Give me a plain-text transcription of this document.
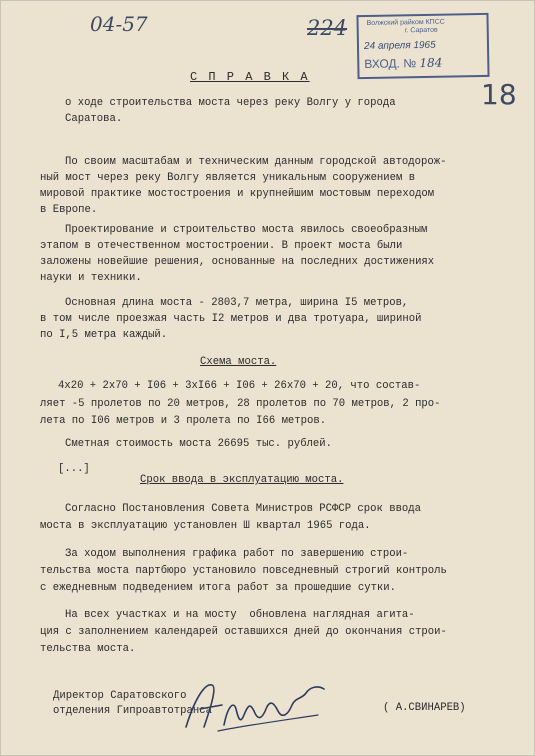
04-57	224
18
Волжский райком КПСС
г. Саратов
24 апреля 1965
ВХОД. № 184
С П Р А В К А
о ходе строительства моста через реку Волгу у города
Саратова.
По своим масштабам и техническим данным городской автодорож-
ный мост через реку Волгу является уникальным сооружением в
мировой практике мостостроения и крупнейшим мостовым переходом
в Европе.
Проектирование и строительство моста явилось своеобразным
этапом в отечественном мостостроении. В проект моста были
заложены новейшие решения, основанные на последних достижениях
науки и техники.
Основная длина моста - 2803,7 метра, ширина I5 метров,
в том числе проезжая часть I2 метров и два тротуара, шириной
по I,5 метра каждый.
Схема моста.
4х20 + 2х70 + I06 + 3хI66 + I06 + 26х70 + 20, что состав-
ляет -5 пролетов по 20 метров, 28 пролетов по 70 метров, 2 про-
лета по I06 метров и 3 пролета по I66 метров.
Сметная стоимость моста 26695 тыс. рублей.
[...]
Срок ввода в эксплуатацию моста.
Согласно Постановления Совета Министров РСФСР срок ввода
моста в эксплуатацию установлен Ш квартал 1965 года.
За ходом выполнения графика работ по завершению строи-
тельства моста партбюро установило повседневный строгий контроль
с ежедневным подведением итога работ за прошедшие сутки.
На всех участках и на мосту  обновлена наглядная агита-
ция с заполнением календарей оставшихся дней до окончания строи-
тельства моста.
Директор Саратовского
отделения Гипроавтотранса	( А.СВИНАРЕВ)
